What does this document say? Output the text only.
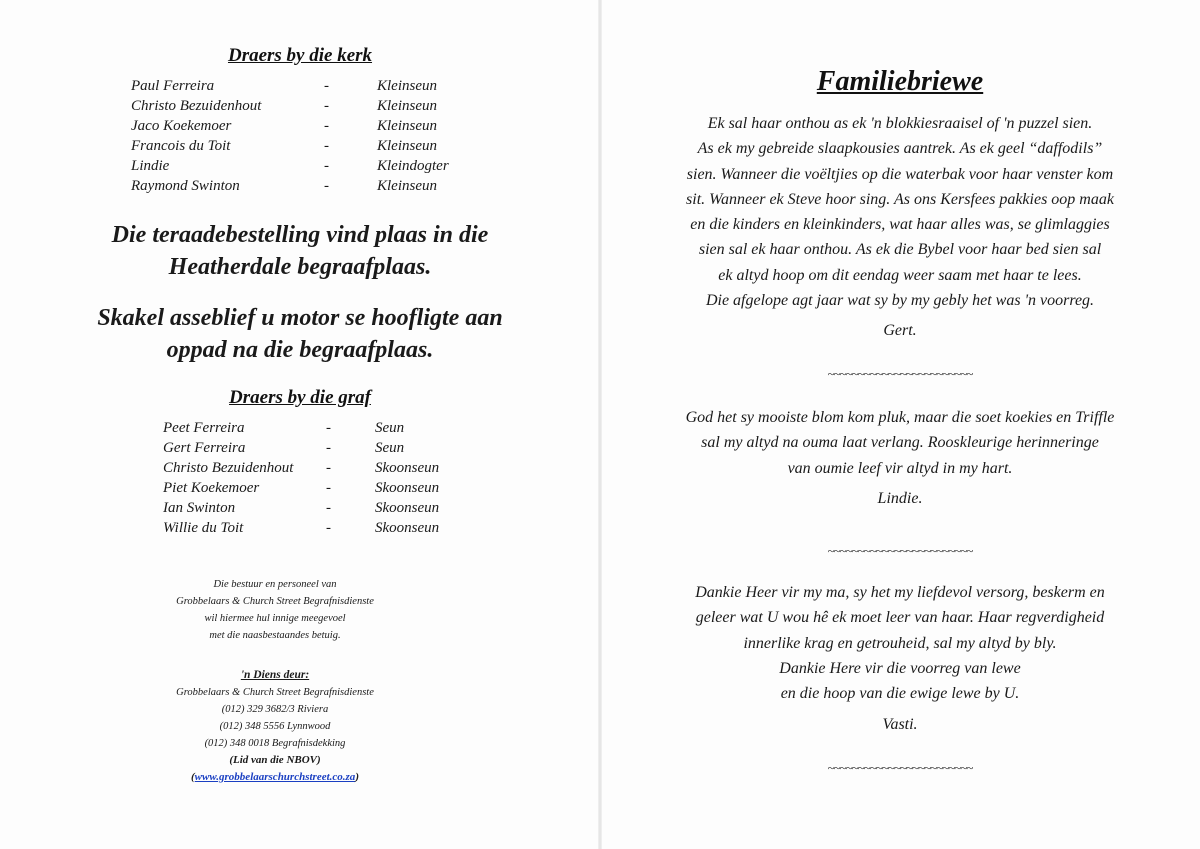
Draers by die kerk
Paul Ferreira	-	Kleinseun
Christo Bezuidenhout	-	Kleinseun
Jaco Koekemoer	-	Kleinseun
Francois du Toit	-	Kleinseun
Lindie	-	Kleindogter
Raymond Swinton	-	Kleinseun
Die teraadebestelling vind plaas in die
Heatherdale begraafplaas.
Skakel asseblief u motor se hoofligte aan
oppad na die begraafplaas.
Draers by die graf
Peet Ferreira	-	Seun
Gert Ferreira	-	Seun
Christo Bezuidenhout	-	Skoonseun
Piet Koekemoer	-	Skoonseun
Ian Swinton	-	Skoonseun
Willie du Toit	-	Skoonseun
Die bestuur en personeel van
Grobbelaars & Church Street Begrafnisdienste
wil hiermee hul innige meegevoel
met die naasbestaandes betuig.
'n Diens deur:
Grobbelaars & Church Street Begrafnisdienste
(012) 329 3682/3 Riviera
(012) 348 5556 Lynnwood
(012) 348 0018 Begrafnisdekking
(Lid van die NBOV)
(www.grobbelaarschurchstreet.co.za)
Familiebriewe
Ek sal haar onthou as ek 'n blokkiesraaisel of 'n puzzel sien.
As ek my gebreide slaapkousies aantrek. As ek geel “daffodils”
sien. Wanneer die voëltjies op die waterbak voor haar venster kom
sit. Wanneer ek Steve hoor sing. As ons Kersfees pakkies oop maak
en die kinders en kleinkinders, wat haar alles was, se glimlaggies
sien sal ek haar onthou. As ek die Bybel voor haar bed sien sal
ek altyd hoop om dit eendag weer saam met haar te lees.
Die afgelope agt jaar wat sy by my gebly het was 'n voorreg.
Gert.
~~~~~~~~~~~~~~~~~~~~~~~~
God het sy mooiste blom kom pluk, maar die soet koekies en Triffle
sal my altyd na ouma laat verlang. Rooskleurige herinneringe
van oumie leef vir altyd in my hart.
Lindie.
~~~~~~~~~~~~~~~~~~~~~~~~
Dankie Heer vir my ma, sy het my liefdevol versorg, beskerm en
geleer wat U wou hê ek moet leer van haar. Haar regverdigheid
innerlike krag en getrouheid, sal my altyd by bly.
Dankie Here vir die voorreg van lewe
en die hoop van die ewige lewe by U.
Vasti.
~~~~~~~~~~~~~~~~~~~~~~~~
